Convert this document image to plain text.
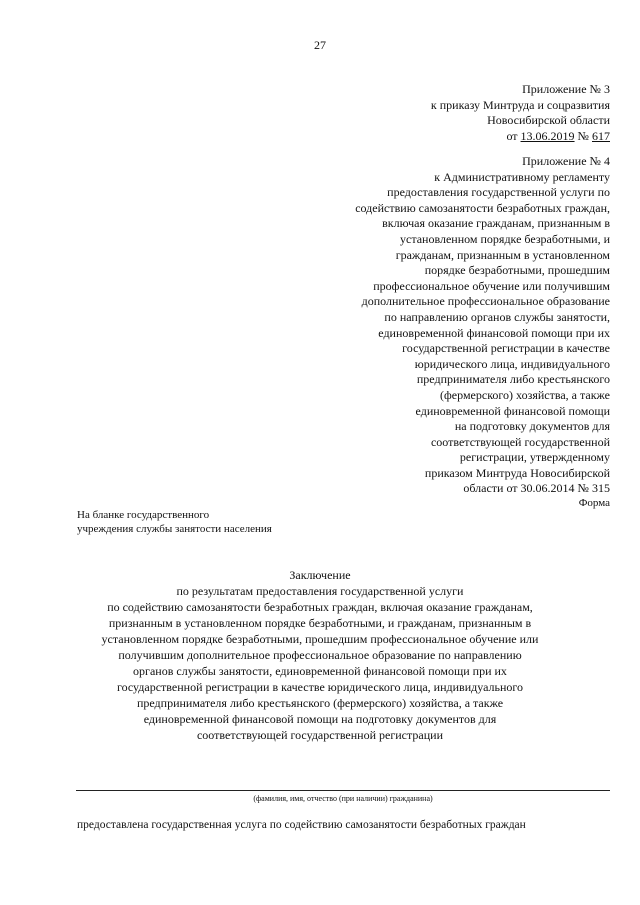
27
Приложение № 3
к приказу Минтруда и соцразвития
Новосибирской области
от 13.06.2019 № 617
Приложение № 4
к Административному регламенту
предоставления государственной услуги по
содействию самозанятости безработных граждан,
включая оказание гражданам, признанным в
установленном порядке безработными, и
гражданам, признанным в установленном
порядке безработными, прошедшим
профессиональное обучение или получившим
дополнительное профессиональное образование
по направлению органов службы занятости,
единовременной финансовой помощи при их
государственной регистрации в качестве
юридического лица, индивидуального
предпринимателя либо крестьянского
(фермерского) хозяйства, а также
единовременной финансовой помощи
на подготовку документов для
соответствующей государственной
регистрации, утвержденному
приказом Минтруда Новосибирской
области от 30.06.2014 № 315
Форма
На бланке государственного
учреждения службы занятости населения
Заключение
по результатам предоставления государственной услуги
по содействию самозанятости безработных граждан, включая оказание гражданам,
признанным в установленном порядке безработными, и гражданам, признанным в
установленном порядке безработными, прошедшим профессиональное обучение или
получившим дополнительное профессиональное образование по направлению
органов службы занятости, единовременной финансовой помощи при их
государственной регистрации в качестве юридического лица, индивидуального
предпринимателя либо крестьянского (фермерского) хозяйства, а также
единовременной финансовой помощи на подготовку документов для
соответствующей государственной регистрации
(фамилия, имя, отчество (при наличии) гражданина)
предоставлена государственная услуга по содействию самозанятости безработных граждан
